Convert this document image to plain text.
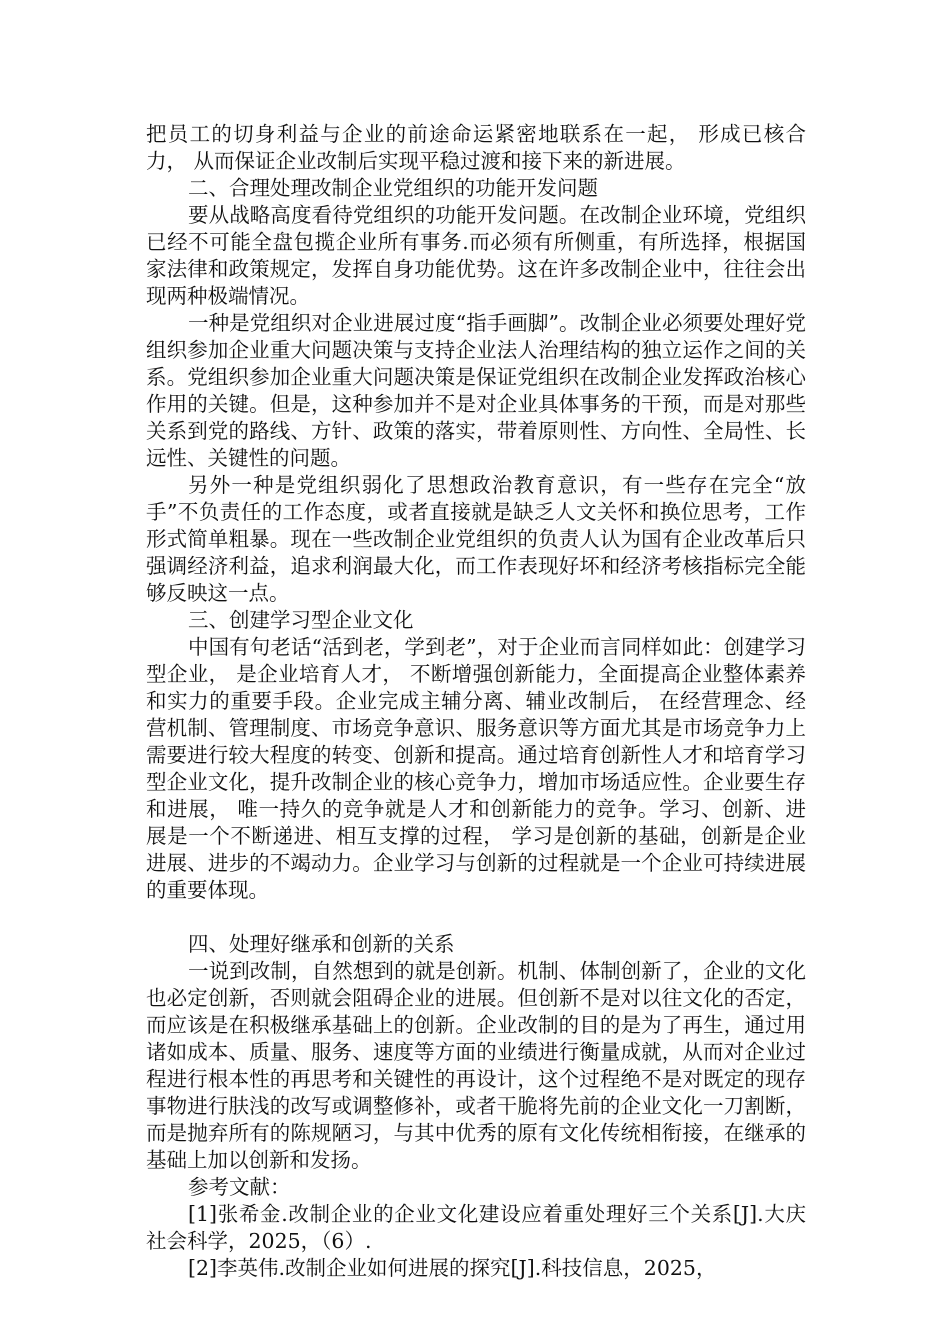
把员工的切身利益与企业的前途命运紧密地联系在一起， 形成已核合力， 从而保证企业改制后实现平稳过渡和接下来的新进展。

二、合理处理改制企业党组织的功能开发问题

要从战略高度看待党组织的功能开发问题。在改制企业环境，党组织已经不可能全盘包揽企业所有事务.而必须有所侧重，有所选择，根据国家法律和政策规定，发挥自身功能优势。这在许多改制企业中，往往会出现两种极端情况。

一种是党组织对企业进展过度“指手画脚”。改制企业必须要处理好党组织参加企业重大问题决策与支持企业法人治理结构的独立运作之间的关系。党组织参加企业重大问题决策是保证党组织在改制企业发挥政治核心作用的关键。但是，这种参加并不是对企业具体事务的干预，而是对那些关系到党的路线、方针、政策的落实，带着原则性、方向性、全局性、长远性、关键性的问题。

另外一种是党组织弱化了思想政治教育意识，有一些存在完全“放手”不负责任的工作态度，或者直接就是缺乏人文关怀和换位思考，工作形式简单粗暴。现在一些改制企业党组织的负责人认为国有企业改革后只强调经济利益，追求利润最大化，而工作表现好坏和经济考核指标完全能够反映这一点。

三、创建学习型企业文化

中国有句老话“活到老，学到老”，对于企业而言同样如此：创建学习型企业， 是企业培育人才， 不断增强创新能力，全面提高企业整体素养和实力的重要手段。企业完成主辅分离、辅业改制后， 在经营理念、经营机制、管理制度、市场竞争意识、服务意识等方面尤其是市场竞争力上需要进行较大程度的转变、创新和提高。通过培育创新性人才和培育学习型企业文化，提升改制企业的核心竞争力，增加市场适应性。企业要生存和进展， 唯一持久的竞争就是人才和创新能力的竞争。学习、创新、进展是一个不断递进、相互支撑的过程， 学习是创新的基础，创新是企业进展、进步的不竭动力。企业学习与创新的过程就是一个企业可持续进展的重要体现。

四、处理好继承和创新的关系

一说到改制，自然想到的就是创新。机制、体制创新了，企业的文化也必定创新，否则就会阻碍企业的进展。但创新不是对以往文化的否定，而应该是在积极继承基础上的创新。企业改制的目的是为了再生，通过用诸如成本、质量、服务、速度等方面的业绩进行衡量成就，从而对企业过程进行根本性的再思考和关键性的再设计，这个过程绝不是对既定的现存事物进行肤浅的改写或调整修补，或者干脆将先前的企业文化一刀割断，而是抛弃所有的陈规陋习，与其中优秀的原有文化传统相衔接，在继承的基础上加以创新和发扬。

参考文献：

[1]张希金.改制企业的企业文化建设应着重处理好三个关系[J].大庆社会科学，2025，（6）.

[2]李英伟.改制企业如何进展的探究[J].科技信息，2025，
